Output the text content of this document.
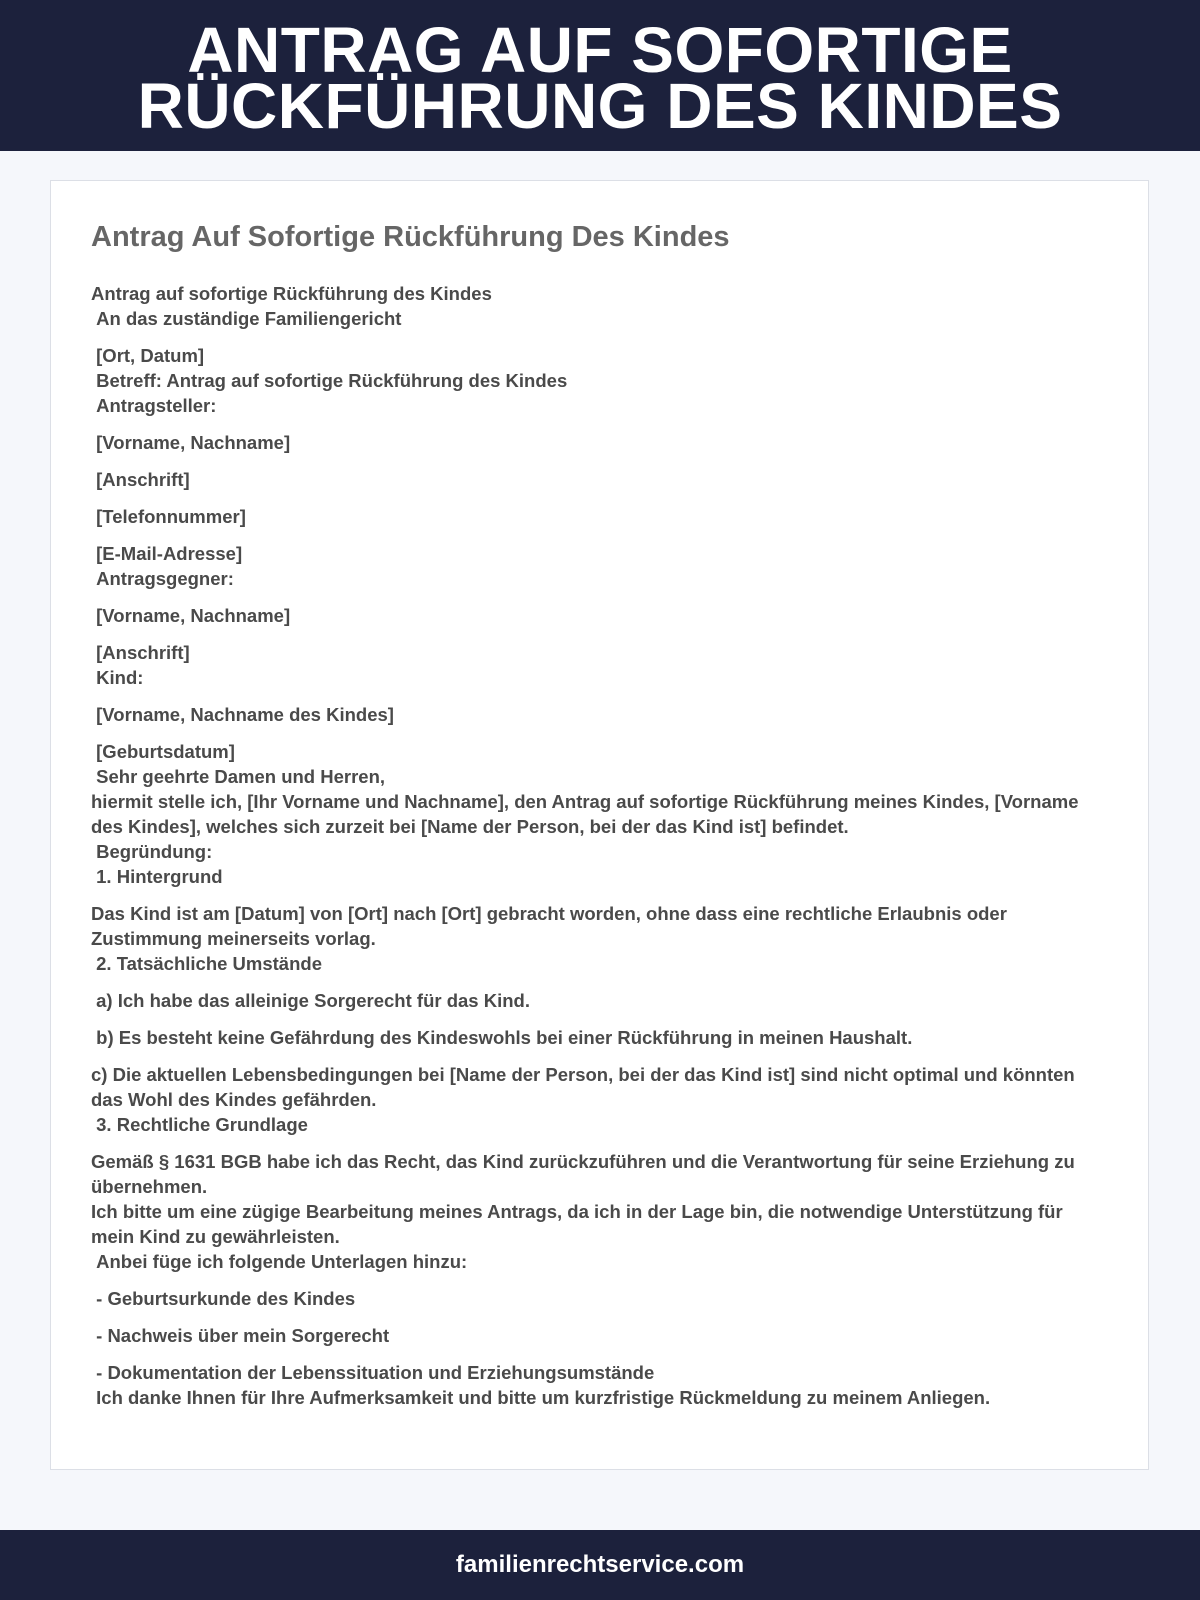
ANTRAG AUF SOFORTIGE
RÜCKFÜHRUNG DES KINDES
Antrag Auf Sofortige Rückführung Des Kindes
Antrag auf sofortige Rückführung des Kindes
An das zuständige Familiengericht
[Ort, Datum]
Betreff: Antrag auf sofortige Rückführung des Kindes
Antragsteller:
[Vorname, Nachname]
[Anschrift]
[Telefonnummer]
[E-Mail-Adresse]
Antragsgegner:
[Vorname, Nachname]
[Anschrift]
Kind:
[Vorname, Nachname des Kindes]
[Geburtsdatum]
Sehr geehrte Damen und Herren,
hiermit stelle ich, [Ihr Vorname und Nachname], den Antrag auf sofortige Rückführung meines Kindes, [Vorname des Kindes], welches sich zurzeit bei [Name der Person, bei der das Kind ist] befindet.
Begründung:
1. Hintergrund
Das Kind ist am [Datum] von [Ort] nach [Ort] gebracht worden, ohne dass eine rechtliche Erlaubnis oder Zustimmung meinerseits vorlag.
2. Tatsächliche Umstände
a) Ich habe das alleinige Sorgerecht für das Kind.
b) Es besteht keine Gefährdung des Kindeswohls bei einer Rückführung in meinen Haushalt.
c) Die aktuellen Lebensbedingungen bei [Name der Person, bei der das Kind ist] sind nicht optimal und könnten das Wohl des Kindes gefährden.
3. Rechtliche Grundlage
Gemäß § 1631 BGB habe ich das Recht, das Kind zurückzuführen und die Verantwortung für seine Erziehung zu übernehmen.
Ich bitte um eine zügige Bearbeitung meines Antrags, da ich in der Lage bin, die notwendige Unterstützung für mein Kind zu gewährleisten.
Anbei füge ich folgende Unterlagen hinzu:
- Geburtsurkunde des Kindes
- Nachweis über mein Sorgerecht
- Dokumentation der Lebenssituation und Erziehungsumstände
Ich danke Ihnen für Ihre Aufmerksamkeit und bitte um kurzfristige Rückmeldung zu meinem Anliegen.
familienrechtservice.com
